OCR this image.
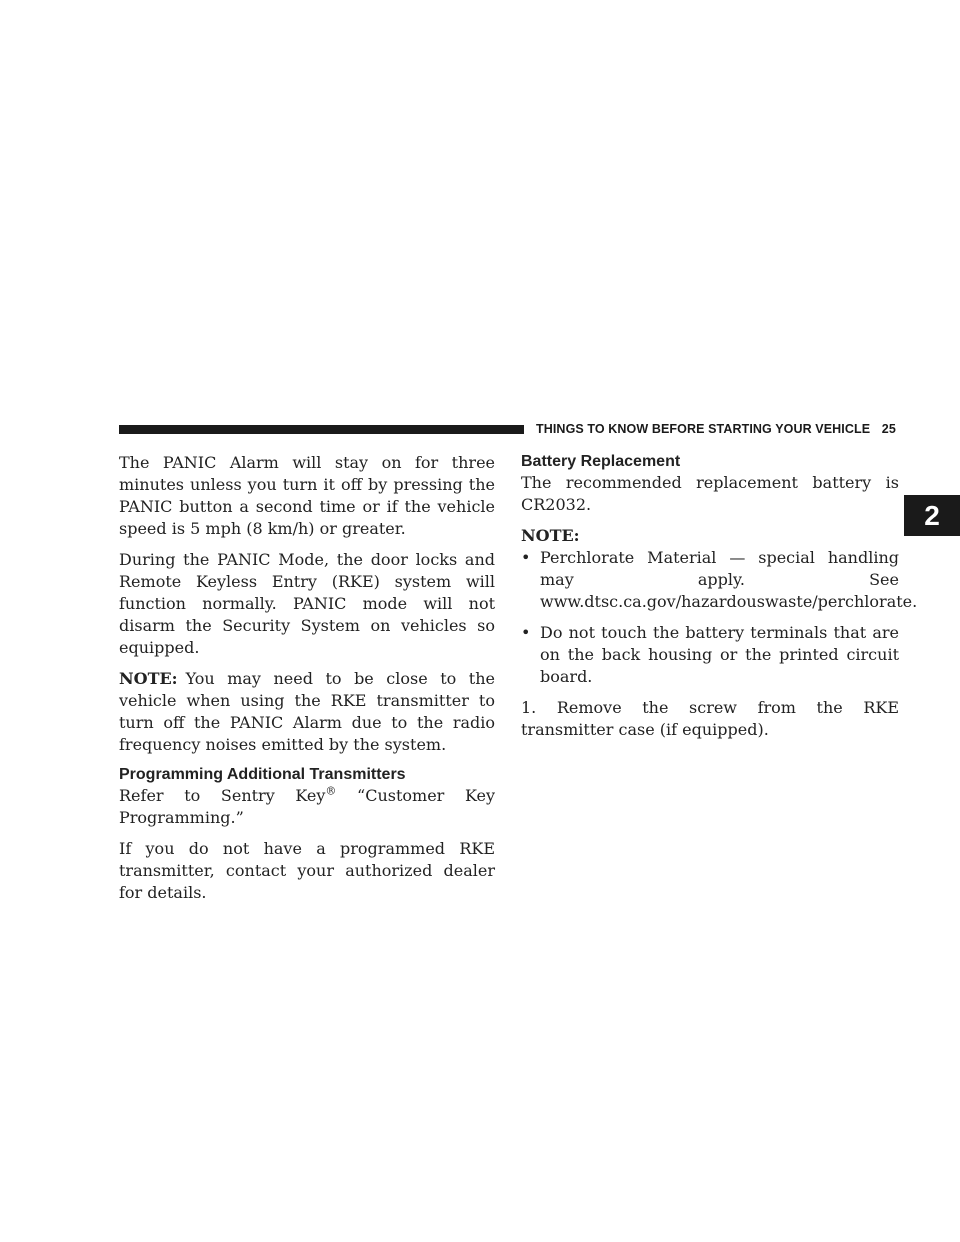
THINGS TO KNOW BEFORE STARTING YOUR VEHICLE 25
2

The PANIC Alarm will stay on for three minutes unless you turn it off by pressing the PANIC button a second time or if the vehicle speed is 5 mph (8 km/h) or greater.

During the PANIC Mode, the door locks and Remote Keyless Entry (RKE) system will function normally. PANIC mode will not disarm the Security System on vehicles so equipped.

NOTE: You may need to be close to the vehicle when using the RKE transmitter to turn off the PANIC Alarm due to the radio frequency noises emitted by the system.

Programming Additional Transmitters

Refer to Sentry Key® “Customer Key Programming.”

If you do not have a programmed RKE transmitter, contact your authorized dealer for details.

Battery Replacement

The recommended replacement battery is CR2032.

NOTE:

• Perchlorate Material — special handling may apply. See www.dtsc.ca.gov/hazardouswaste/perchlorate.
• Do not touch the battery terminals that are on the back housing or the printed circuit board.

1. Remove the screw from the RKE transmitter case (if equipped).
